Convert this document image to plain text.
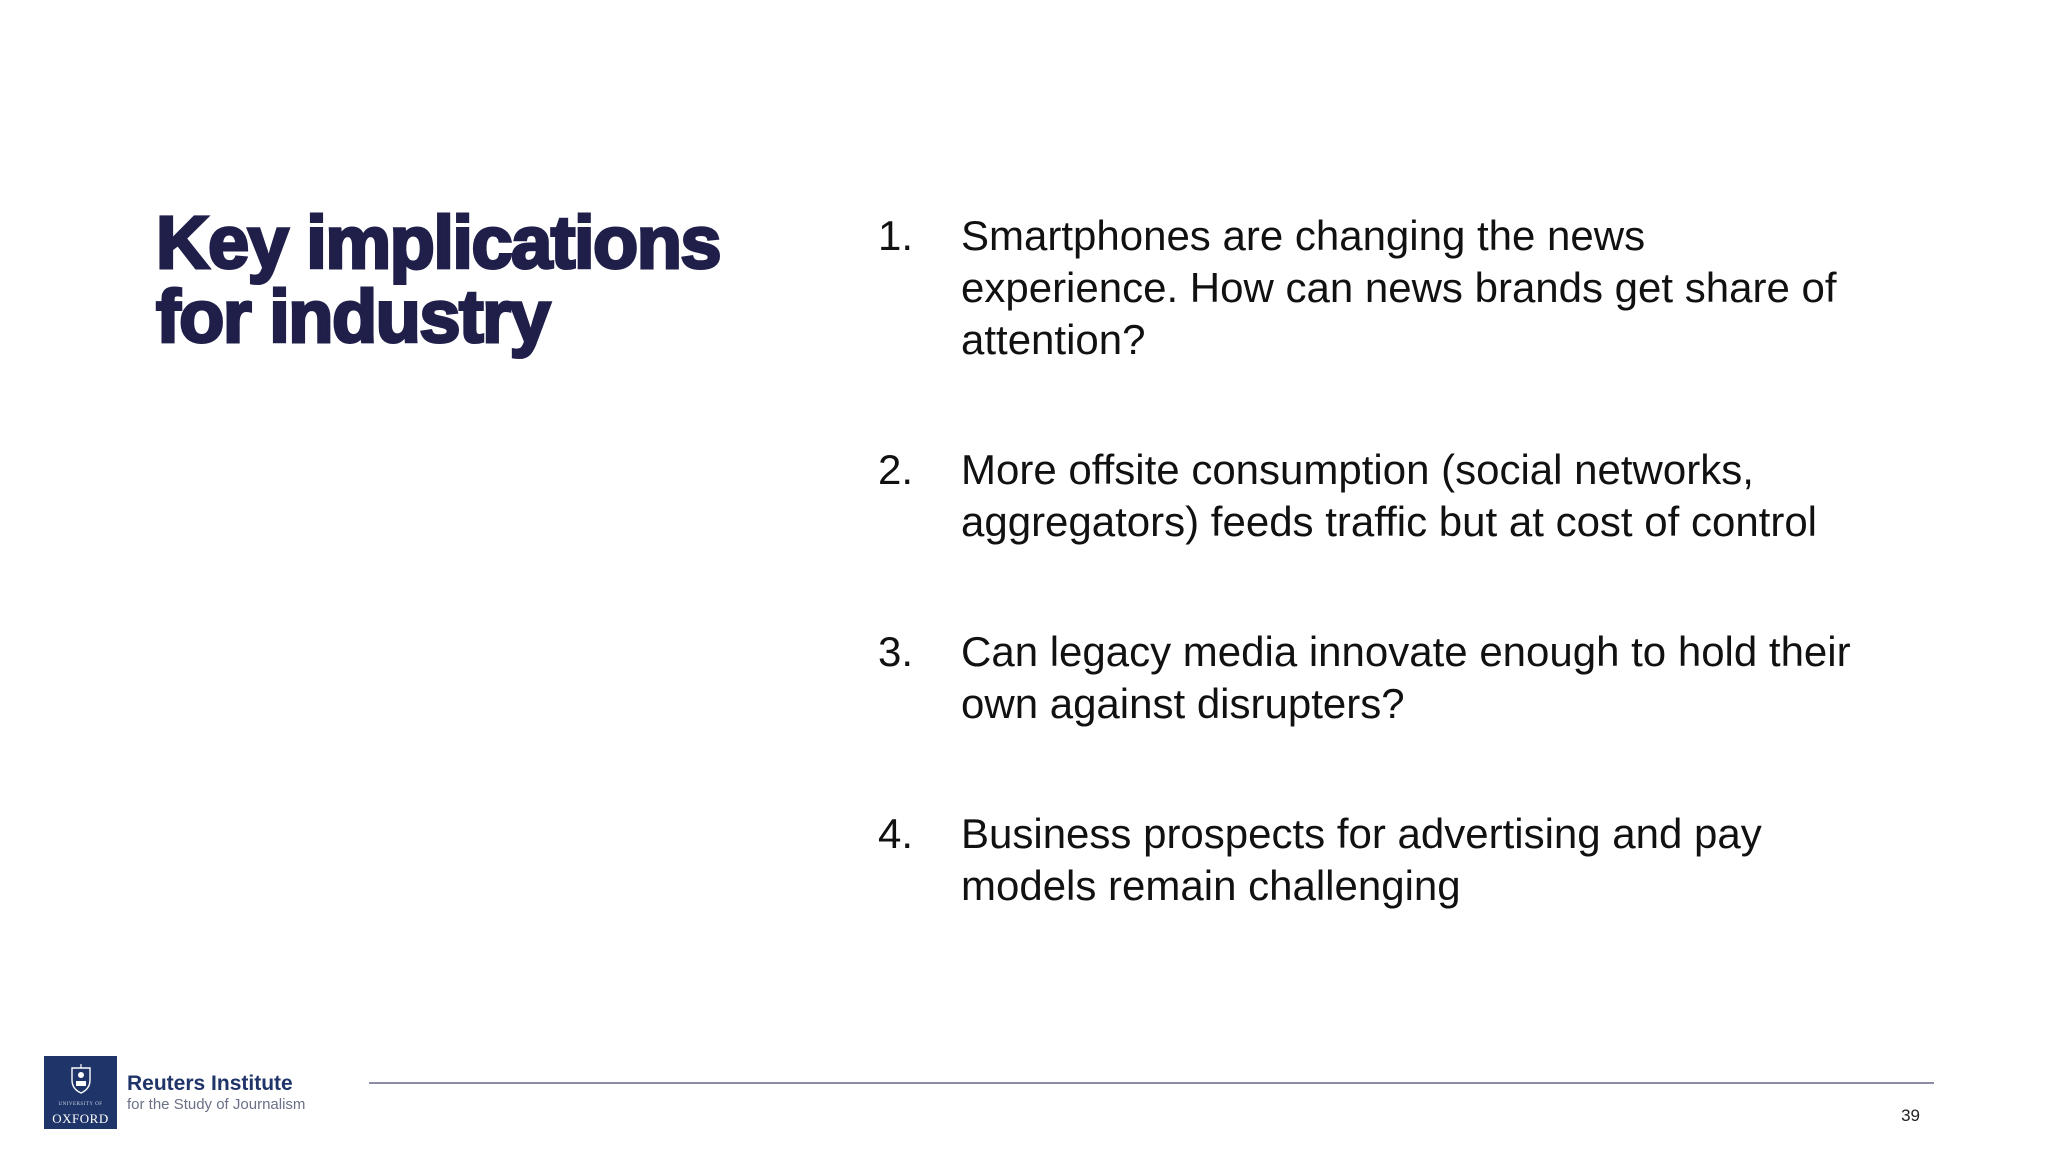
Key implications
for industry
1. Smartphones are changing the news
experience. How can news brands get share of
attention?
2. More offsite consumption (social networks,
aggregators) feeds traffic but at cost of control
3. Can legacy media innovate enough to hold their
own against disrupters?
4. Business prospects for advertising and pay
models remain challenging
UNIVERSITY OF
OXFORD
Reuters Institute
for the Study of Journalism
39
